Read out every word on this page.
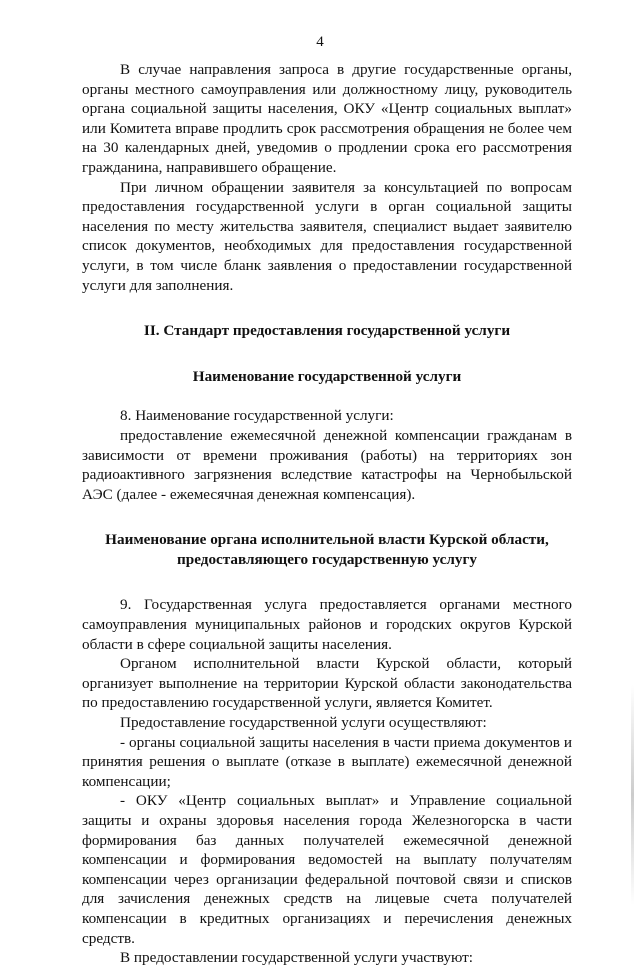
4

В случае направления запроса в другие государственные органы, органы местного самоуправления или должностному лицу, руководитель органа социальной защиты населения, ОКУ «Центр социальных выплат» или Комитета вправе продлить срок рассмотрения обращения не более чем на 30 календарных дней, уведомив о продлении срока его рассмотрения гражданина, направившего обращение.

При личном обращении заявителя за консультацией по вопросам предоставления государственной услуги в орган социальной защиты населения по месту жительства заявителя, специалист выдает заявителю список документов, необходимых для предоставления государственной услуги, в том числе бланк заявления о предоставлении государственной услуги для заполнения.

II. Стандарт предоставления государственной услуги

Наименование государственной услуги

8. Наименование государственной услуги:

предоставление ежемесячной денежной компенсации гражданам в зависимости от времени проживания (работы) на территориях зон радиоактивного загрязнения вследствие катастрофы на Чернобыльской АЭС (далее - ежемесячная денежная компенсация).

Наименование органа исполнительной власти Курской области,

предоставляющего государственную услугу

9. Государственная услуга предоставляется органами местного самоуправления муниципальных районов и городских округов Курской области в сфере социальной защиты населения.

Органом исполнительной власти Курской области, который организует выполнение на территории Курской области законодательства по предоставлению государственной услуги, является Комитет.

Предоставление государственной услуги осуществляют:

- органы социальной защиты населения в части приема документов и принятия решения о выплате (отказе в выплате) ежемесячной денежной компенсации;

- ОКУ «Центр социальных выплат» и Управление социальной защиты и охраны здоровья населения города Железногорска в части формирования баз данных получателей ежемесячной денежной компенсации и формирования ведомостей на выплату получателям компенсации через организации федеральной почтовой связи и списков для зачисления денежных средств на лицевые счета получателей компенсации в кредитных организациях и перечисления денежных средств.

В предоставлении государственной услуги участвуют:
